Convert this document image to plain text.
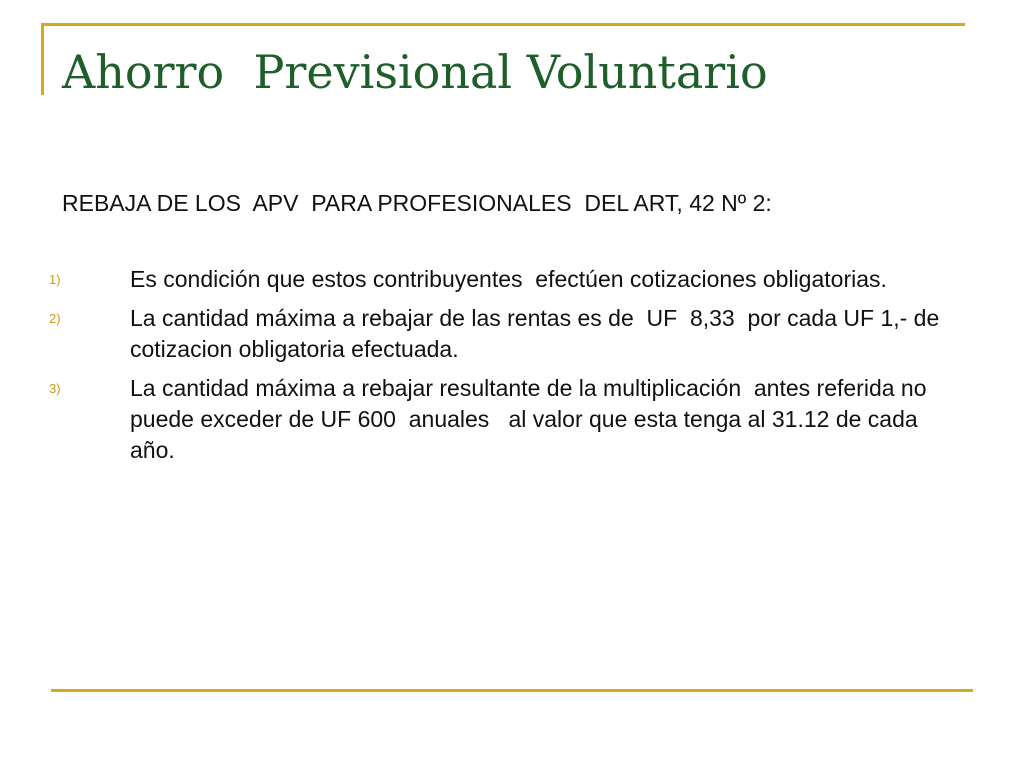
Ahorro  Previsional Voluntario

REBAJA DE LOS  APV  PARA PROFESIONALES  DEL ART, 42 Nº 2:

1)	Es condición que estos contribuyentes  efectúen cotizaciones obligatorias.
2)	La cantidad máxima a rebajar de las rentas es de  UF  8,33  por cada UF 1,- de cotizacion obligatoria efectuada.
3)	La cantidad máxima a rebajar resultante de la multiplicación  antes referida no puede exceder de UF 600  anuales   al valor que esta tenga al 31.12 de cada año.
